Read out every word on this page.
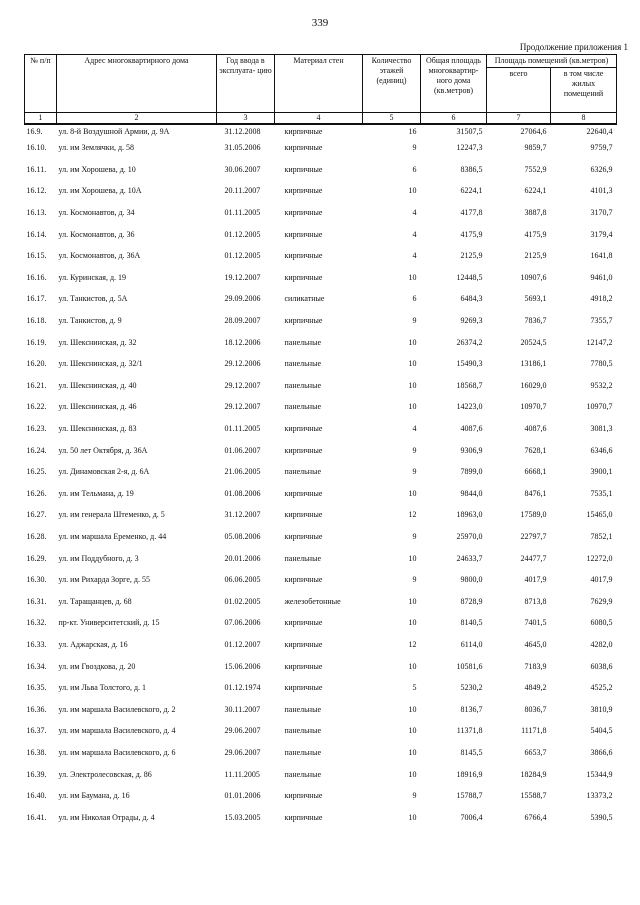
339
Продолжение приложения 1
№ п/п	Адрес многоквартирного дома	Год ввода в эксплуата- цию	Материал стен	Количество этажей (единиц)	Общая площадь многоквартир- ного дома (кв.метров)	Площадь помещений (кв.метров)	
						всего	в том числе жилых помещений
1	2	3	4	5	6	7	8
16.9.	ул. 8-й Воздушной Армии, д. 9А	31.12.2008	кирпичные	16	31507,5	27064,6	22640,4
16.10.	ул. им Землячки, д. 58	31.05.2006	кирпичные	9	12247,3	9859,7	9759,7
16.11.	ул. им Хорошева, д. 10	30.06.2007	кирпичные	6	8386,5	7552,9	6326,9
16.12.	ул. им Хорошева, д. 10А	20.11.2007	кирпичные	10	6224,1	6224,1	4101,3
16.13.	ул. Космонавтов, д. 34	01.11.2005	кирпичные	4	4177,8	3887,8	3170,7
16.14.	ул. Космонавтов, д. 36	01.12.2005	кирпичные	4	4175,9	4175,9	3179,4
16.15.	ул. Космонавтов, д. 36А	01.12.2005	кирпичные	4	2125,9	2125,9	1641,8
16.16.	ул. Куринская, д. 19	19.12.2007	кирпичные	10	12448,5	10907,6	9461,0
16.17.	ул. Танкистов, д. 5А	29.09.2006	силикатные	6	6484,3	5693,1	4918,2
16.18.	ул. Танкистов, д. 9	28.09.2007	кирпичные	9	9269,3	7836,7	7355,7
16.19.	ул. Шекснинская, д. 32	18.12.2006	панельные	10	26374,2	20524,5	12147,2
16.20.	ул. Шекснинская, д. 32/1	29.12.2006	панельные	10	15490,3	13186,1	7780,5
16.21.	ул. Шекснинская, д. 40	29.12.2007	панельные	10	18568,7	16029,0	9532,2
16.22.	ул. Шекснинская, д. 46	29.12.2007	панельные	10	14223,0	10970,7	10970,7
16.23.	ул. Шекснинская, д. 83	01.11.2005	кирпичные	4	4087,6	4087,6	3081,3
16.24.	ул. 50 лет Октября, д. 36А	01.06.2007	кирпичные	9	9306,9	7628,1	6346,6
16.25.	ул. Динамовская 2-я, д. 6А	21.06.2005	панельные	9	7899,0	6668,1	3900,1
16.26.	ул. им Тельмана, д. 19	01.08.2006	кирпичные	10	9844,0	8476,1	7535,1
16.27.	ул. им генерала Штеменко, д. 5	31.12.2007	кирпичные	12	18963,0	17589,0	15465,0
16.28.	ул. им маршала Еременко, д. 44	05.08.2006	кирпичные	9	25970,0	22797,7	7852,1
16.29.	ул. им Поддубного, д. 3	20.01.2006	панельные	10	24633,7	24477,7	12272,0
16.30.	ул. им Рихарда Зорге, д. 55	06.06.2005	кирпичные	9	9800,0	4017,9	4017,9
16.31.	ул. Таращанцев, д. 68	01.02.2005	железобетонные	10	8728,9	8713,8	7629,9
16.32.	пр-кт. Университетский, д. 15	07.06.2006	кирпичные	10	8140,5	7401,5	6080,5
16.33.	ул. Аджарская, д. 16	01.12.2007	кирпичные	12	6114,0	4645,0	4282,0
16.34.	ул. им Гвоздкова, д. 20	15.06.2006	кирпичные	10	10581,6	7183,9	6038,6
16.35.	ул. им Льва Толстого, д. 1	01.12.1974	кирпичные	5	5230,2	4849,2	4525,2
16.36.	ул. им маршала Василевского, д. 2	30.11.2007	панельные	10	8136,7	8036,7	3810,9
16.37.	ул. им маршала Василевского, д. 4	29.06.2007	панельные	10	11371,8	11171,8	5404,5
16.38.	ул. им маршала Василевского, д. 6	29.06.2007	панельные	10	8145,5	6653,7	3866,6
16.39.	ул. Электролесовская, д. 86	11.11.2005	панельные	10	18916,9	18284,9	15344,9
16.40.	ул. им Баумана, д. 16	01.01.2006	кирпичные	9	15788,7	15588,7	13373,2
16.41.	ул. им Николая Отрады, д. 4	15.03.2005	кирпичные	10	7006,4	6766,4	5390,5
